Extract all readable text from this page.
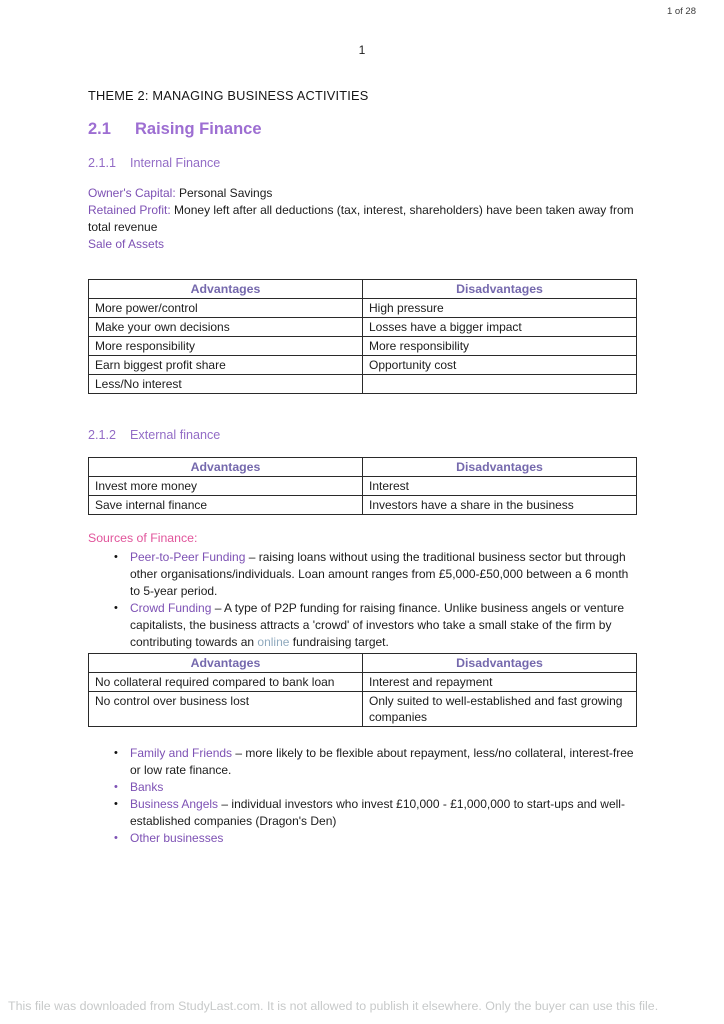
1 of 28
1
THEME 2: MANAGING BUSINESS ACTIVITIES
2.1	Raising Finance
2.1.1	Internal Finance
Owner's Capital: Personal Savings
Retained Profit: Money left after all deductions (tax, interest, shareholders) have been taken away from total revenue
Sale of Assets
Advantages	Disadvantages
More power/control	High pressure
Make your own decisions	Losses have a bigger impact
More responsibility	More responsibility
Earn biggest profit share	Opportunity cost
Less/No interest	
2.1.2	External finance
Advantages	Disadvantages
Invest more money	Interest
Save internal finance	Investors have a share in the business
Sources of Finance:
•	Peer-to-Peer Funding – raising loans without using the traditional business sector but through other organisations/individuals. Loan amount ranges from £5,000-£50,000 between a 6 month to 5-year period.
•	Crowd Funding – A type of P2P funding for raising finance. Unlike business angels or venture capitalists, the business attracts a 'crowd' of investors who take a small stake of the firm by contributing towards an online fundraising target.
Advantages	Disadvantages
No collateral required compared to bank loan	Interest and repayment
No control over business lost	Only suited to well-established and fast growing companies
•	Family and Friends – more likely to be flexible about repayment, less/no collateral, interest-free or low rate finance.
•	Banks
•	Business Angels – individual investors who invest £10,000 - £1,000,000 to start-ups and well-established companies (Dragon's Den)
•	Other businesses
This file was downloaded from StudyLast.com. It is not allowed to publish it elsewhere. Only the buyer can use this file.
